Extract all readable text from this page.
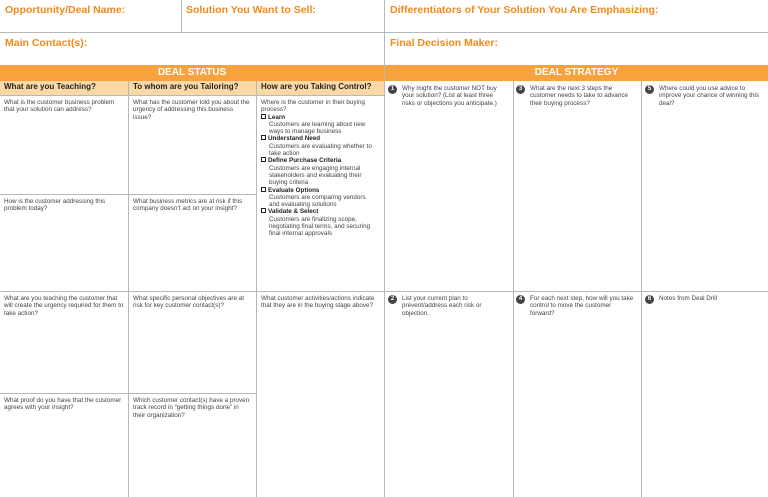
Opportunity/Deal Name:	Solution You Want to Sell:	Differentiators of Your Solution You Are Emphasizing:
Main Contact(s):	Final Decision Maker:
DEAL STATUS	DEAL STRATEGY
What are you Teaching?	To whom are you Tailoring?	How are you Taking Control?
What is the customer business problem that your solution can address?
How is the customer addressing this problem today?
What are you teaching the customer that will create the urgency required for them to take action?
What proof do you have that the customer agrees with your insight?
What has the customer told you about the urgency of addressing this business issue?
What business metrics are at risk if this company doesn’t act on your insight?
What specific personal objectives are at risk for key customer contact(s)?
Which customer contact(s) have a proven track record in “getting things done” in their organization?
Where is the customer in their buying process?
Learn
Customers are learning about new ways to manage business
Understand Need
Customers are evaluating whether to take action
Define Purchase Criteria
Customers are engaging internal stakeholders and evaluating their buying criteria
Evaluate Options
Customers are comparing vendors and evaluating solutions
Validate & Select
Customers are finalizing scope, negotiating final terms, and securing final internal approvals
What customer activities/actions indicate that they are in the buying stage above?
1	Why might the customer NOT buy your solution? (List at least three risks or objections you anticipate.)
2	List your current plan to prevent/address each risk or objection.
3	What are the next 3 steps the customer needs to take to advance their buying process?
4	For each next step, how will you take control to move the customer forward?
5	Where could you use advice to improve your chance of winning this deal?
6	Notes from Deal Drill
